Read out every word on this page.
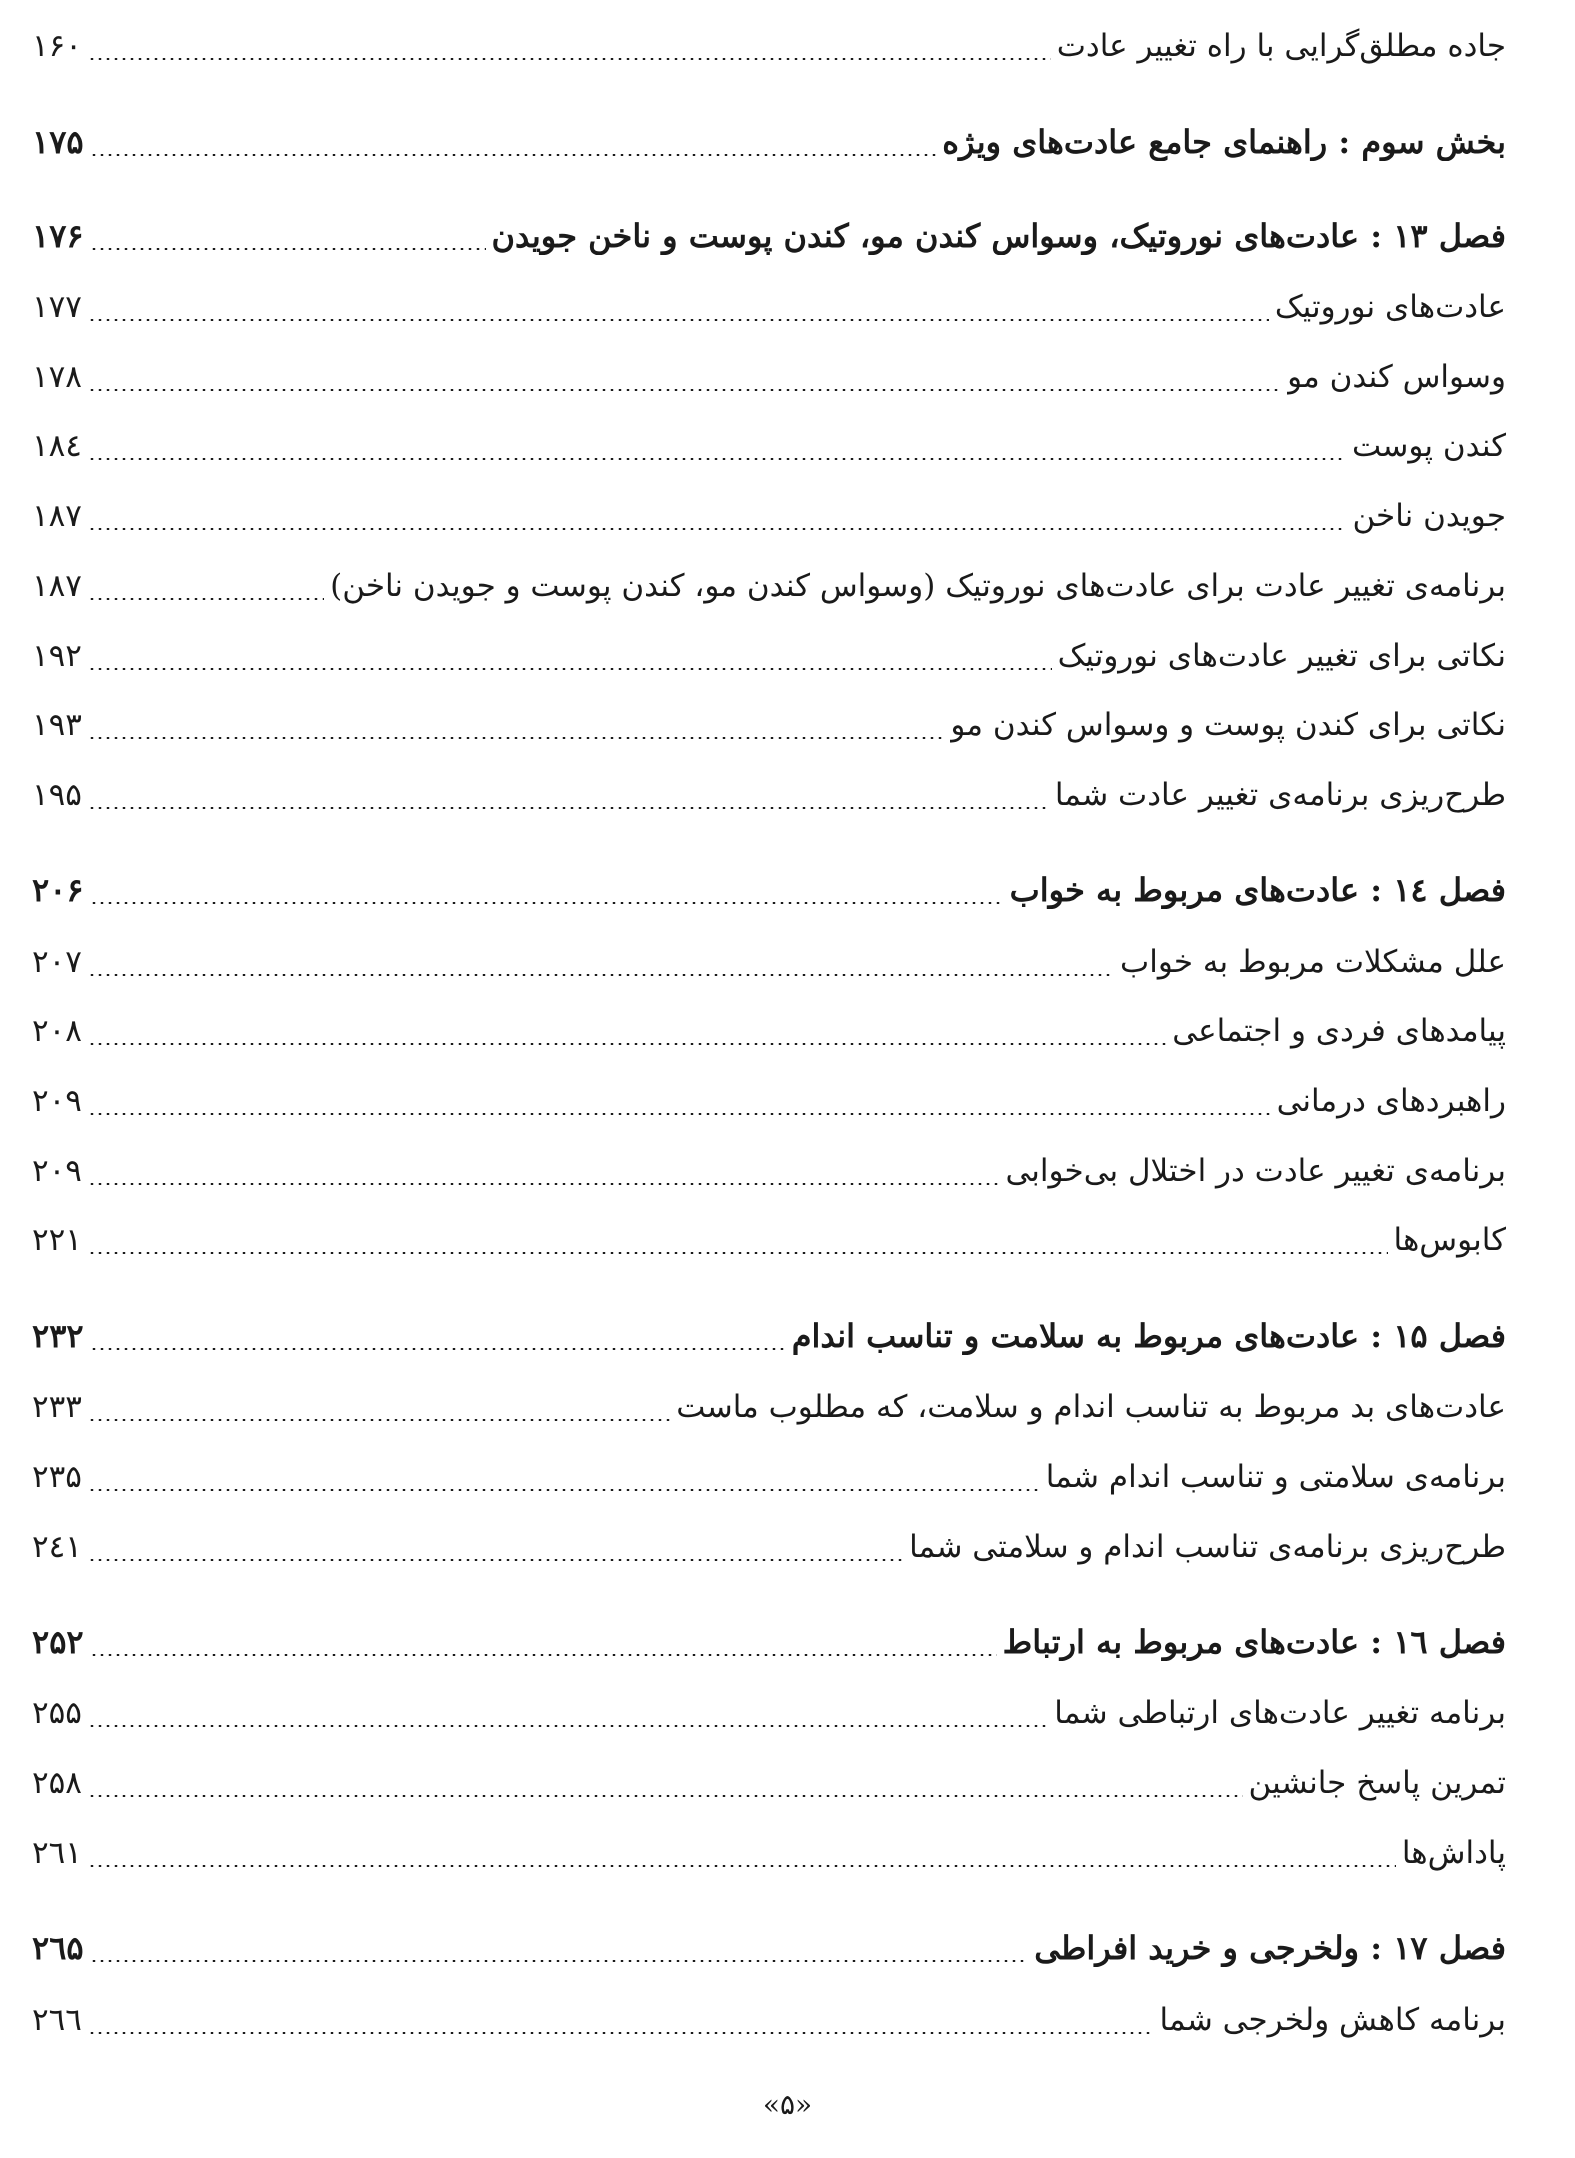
جاده مطلق‌گرایی با راه تغییر عادت
۱۶۰
بخش سوم : راهنمای جامع عادت‌های ویژه
۱۷۵
فصل ۱۳ : عادت‌های نوروتیک، وسواس کندن مو، کندن پوست و ناخن جویدن
۱۷۶
عادت‌های نوروتیک
۱۷۷
وسواس کندن مو
۱۷۸
کندن پوست
۱۸٤
جویدن ناخن
۱۸۷
برنامه‌ی تغییر عادت برای عادت‌های نوروتیک (وسواس کندن مو، کندن پوست و جویدن ناخن)
۱۸۷
نکاتی برای تغییر عادت‌های نوروتیک
۱۹۲
نکاتی برای کندن پوست و وسواس کندن مو
۱۹۳
طرح‌ریزی برنامه‌ی تغییر عادت شما
۱۹۵
فصل ١٤ : عادت‌های مربوط به خواب
۲۰۶
علل مشکلات مربوط به خواب
۲۰۷
پیامدهای فردی و اجتماعی
۲۰۸
راهبردهای درمانی
۲۰۹
برنامه‌ی تغییر عادت در اختلال بی‌خوابی
۲۰۹
کابوس‌ها
۲۲۱
فصل ۱۵ : عادت‌های مربوط به سلامت و تناسب اندام
۲۳۲
عادت‌های بد مربوط به تناسب اندام و سلامت، که مطلوب ماست
۲۳۳
برنامه‌ی سلامتی و تناسب اندام شما
۲۳۵
طرح‌ریزی برنامه‌ی تناسب اندام و سلامتی شما
۲٤۱
فصل ١٦ : عادت‌های مربوط به ارتباط
۲۵۲
برنامه تغییر عادت‌های ارتباطی شما
۲۵۵
تمرین پاسخ جانشین
۲۵۸
پاداش‌ها
۲٦۱
فصل ۱۷ : ولخرجی و خرید افراطی
۲٦۵
برنامه کاهش ولخرجی شما
۲٦٦
«۵»
